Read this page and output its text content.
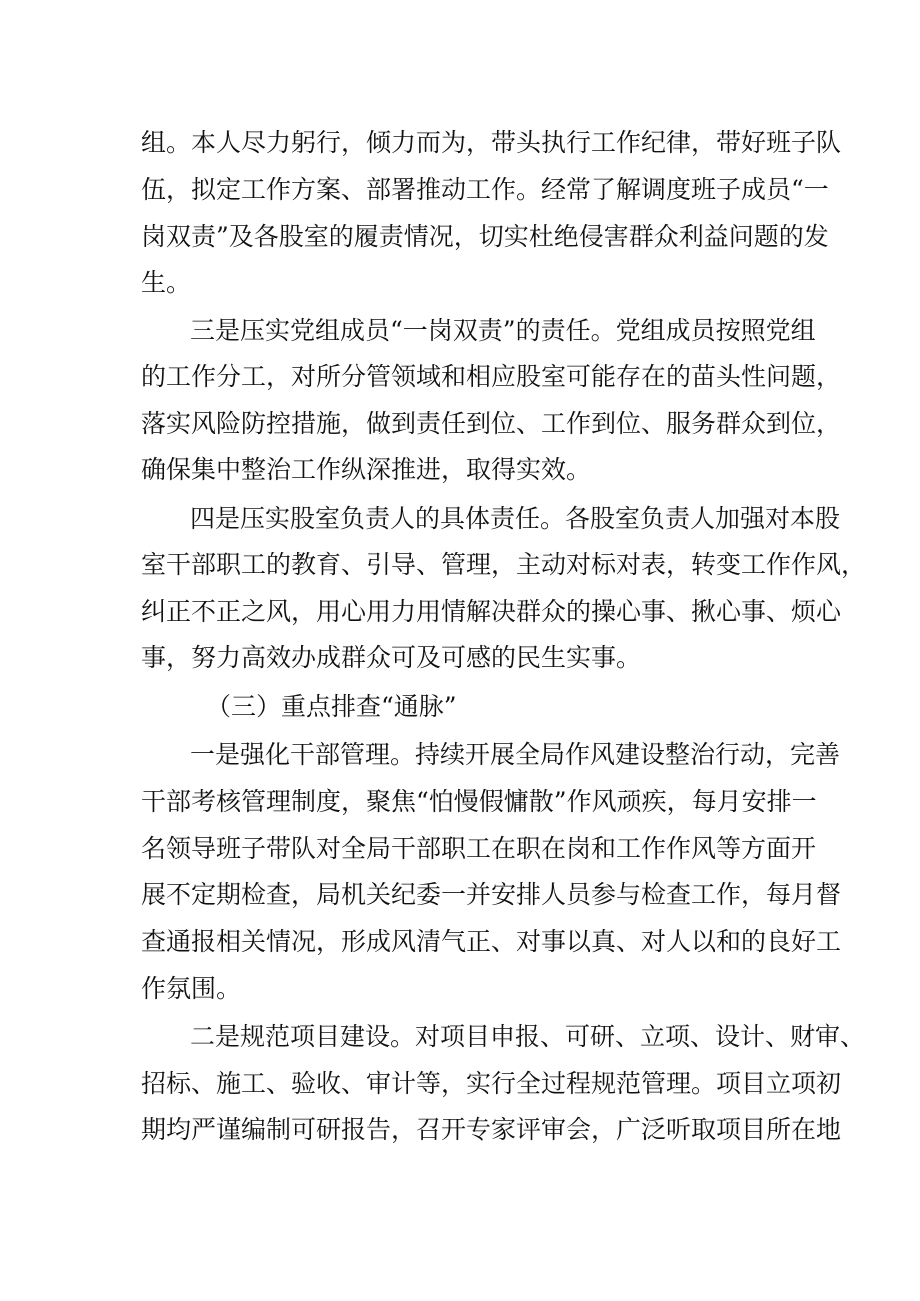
组。本人尽力躬行，倾力而为，带头执行工作纪律，带好班子队
伍，拟定工作方案、部署推动工作。经常了解调度班子成员“一
岗双责”及各股室的履责情况，切实杜绝侵害群众利益问题的发
生。
三是压实党组成员“一岗双责”的责任。党组成员按照党组
的工作分工，对所分管领域和相应股室可能存在的苗头性问题，
落实风险防控措施，做到责任到位、工作到位、服务群众到位，
确保集中整治工作纵深推进，取得实效。
四是压实股室负责人的具体责任。各股室负责人加强对本股
室干部职工的教育、引导、管理，主动对标对表，转变工作作风，
纠正不正之风，用心用力用情解决群众的操心事、揪心事、烦心
事，努力高效办成群众可及可感的民生实事。
（三）重点排查“通脉”
一是强化干部管理。持续开展全局作风建设整治行动，完善
干部考核管理制度，聚焦“怕慢假慵散”作风顽疾，每月安排一
名领导班子带队对全局干部职工在职在岗和工作作风等方面开
展不定期检查，局机关纪委一并安排人员参与检查工作，每月督
查通报相关情况，形成风清气正、对事以真、对人以和的良好工
作氛围。
二是规范项目建设。对项目申报、可研、立项、设计、财审、
招标、施工、验收、审计等，实行全过程规范管理。项目立项初
期均严谨编制可研报告，召开专家评审会，广泛听取项目所在地
